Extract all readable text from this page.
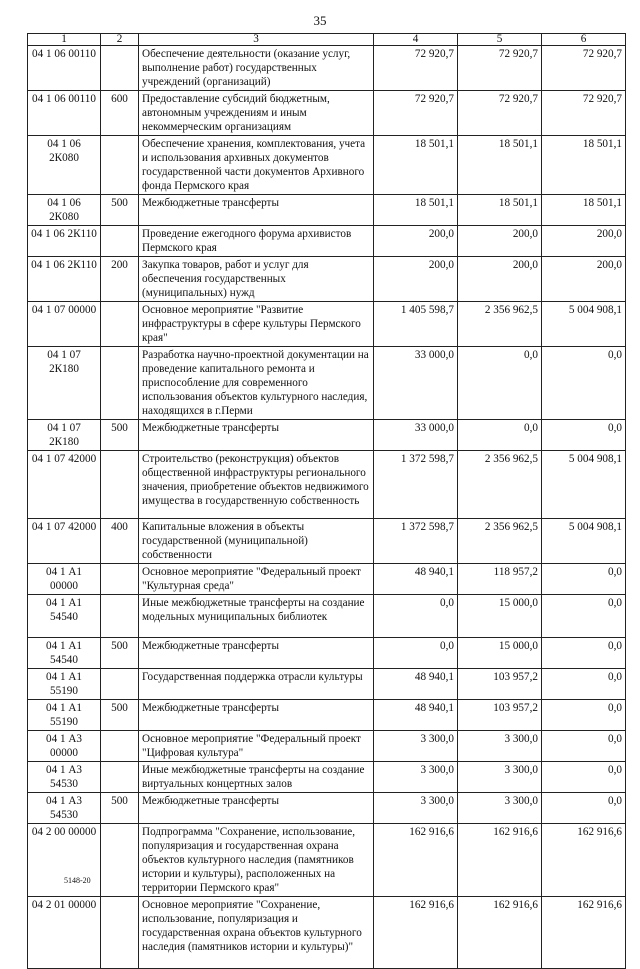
35
1	2	3	4	5	6
04 1 06 00110		Обеспечение деятельности (оказание услуг, выполнение работ) государственных учреждений (организаций)	72 920,7	72 920,7	72 920,7
04 1 06 00110	600	Предоставление субсидий бюджетным, автономным учреждениям и иным некоммерческим организациям	72 920,7	72 920,7	72 920,7
04 1 06 2К080		Обеспечение хранения, комплектования, учета и использования архивных документов государственной части документов Архивного фонда Пермского края	18 501,1	18 501,1	18 501,1
04 1 06 2К080	500	Межбюджетные трансферты	18 501,1	18 501,1	18 501,1
04 1 06 2К110		Проведение ежегодного форума архивистов Пермского края	200,0	200,0	200,0
04 1 06 2К110	200	Закупка товаров, работ и услуг для обеспечения государственных (муниципальных) нужд	200,0	200,0	200,0
04 1 07 00000		Основное мероприятие "Развитие инфраструктуры в сфере культуры Пермского края"	1 405 598,7	2 356 962,5	5 004 908,1
04 1 07 2К180		Разработка научно-проектной документации на проведение капитального ремонта и приспособление для современного использования объектов культурного наследия, находящихся в г.Перми	33 000,0	0,0	0,0
04 1 07 2К180	500	Межбюджетные трансферты	33 000,0	0,0	0,0
04 1 07 42000		Строительство (реконструкция) объектов общественной инфраструктуры регионального значения, приобретение объектов недвижимого имущества в государственную собственность	1 372 598,7	2 356 962,5	5 004 908,1
04 1 07 42000	400	Капитальные вложения в объекты государственной (муниципальной) собственности	1 372 598,7	2 356 962,5	5 004 908,1
04 1 А1 00000		Основное мероприятие "Федеральный проект "Культурная среда"	48 940,1	118 957,2	0,0
04 1 А1 54540		Иные межбюджетные трансферты на создание модельных муниципальных библиотек	0,0	15 000,0	0,0
04 1 А1 54540	500	Межбюджетные трансферты	0,0	15 000,0	0,0
04 1 А1 55190		Государственная поддержка отрасли культуры	48 940,1	103 957,2	0,0
04 1 А1 55190	500	Межбюджетные трансферты	48 940,1	103 957,2	0,0
04 1 А3 00000		Основное мероприятие "Федеральный проект "Цифровая культура"	3 300,0	3 300,0	0,0
04 1 А3 54530		Иные межбюджетные трансферты на создание виртуальных концертных залов	3 300,0	3 300,0	0,0
04 1 А3 54530	500	Межбюджетные трансферты	3 300,0	3 300,0	0,0
04 2 00 00000		Подпрограмма "Сохранение, использование, популяризация и государственная охрана объектов культурного наследия (памятников истории и культуры), расположенных на территории Пермского края"	162 916,6	162 916,6	162 916,6
04 2 01 00000		Основное мероприятие "Сохранение, использование, популяризация и государственная охрана объектов культурного наследия (памятников истории и культуры)"	162 916,6	162 916,6	162 916,6
5148-20
